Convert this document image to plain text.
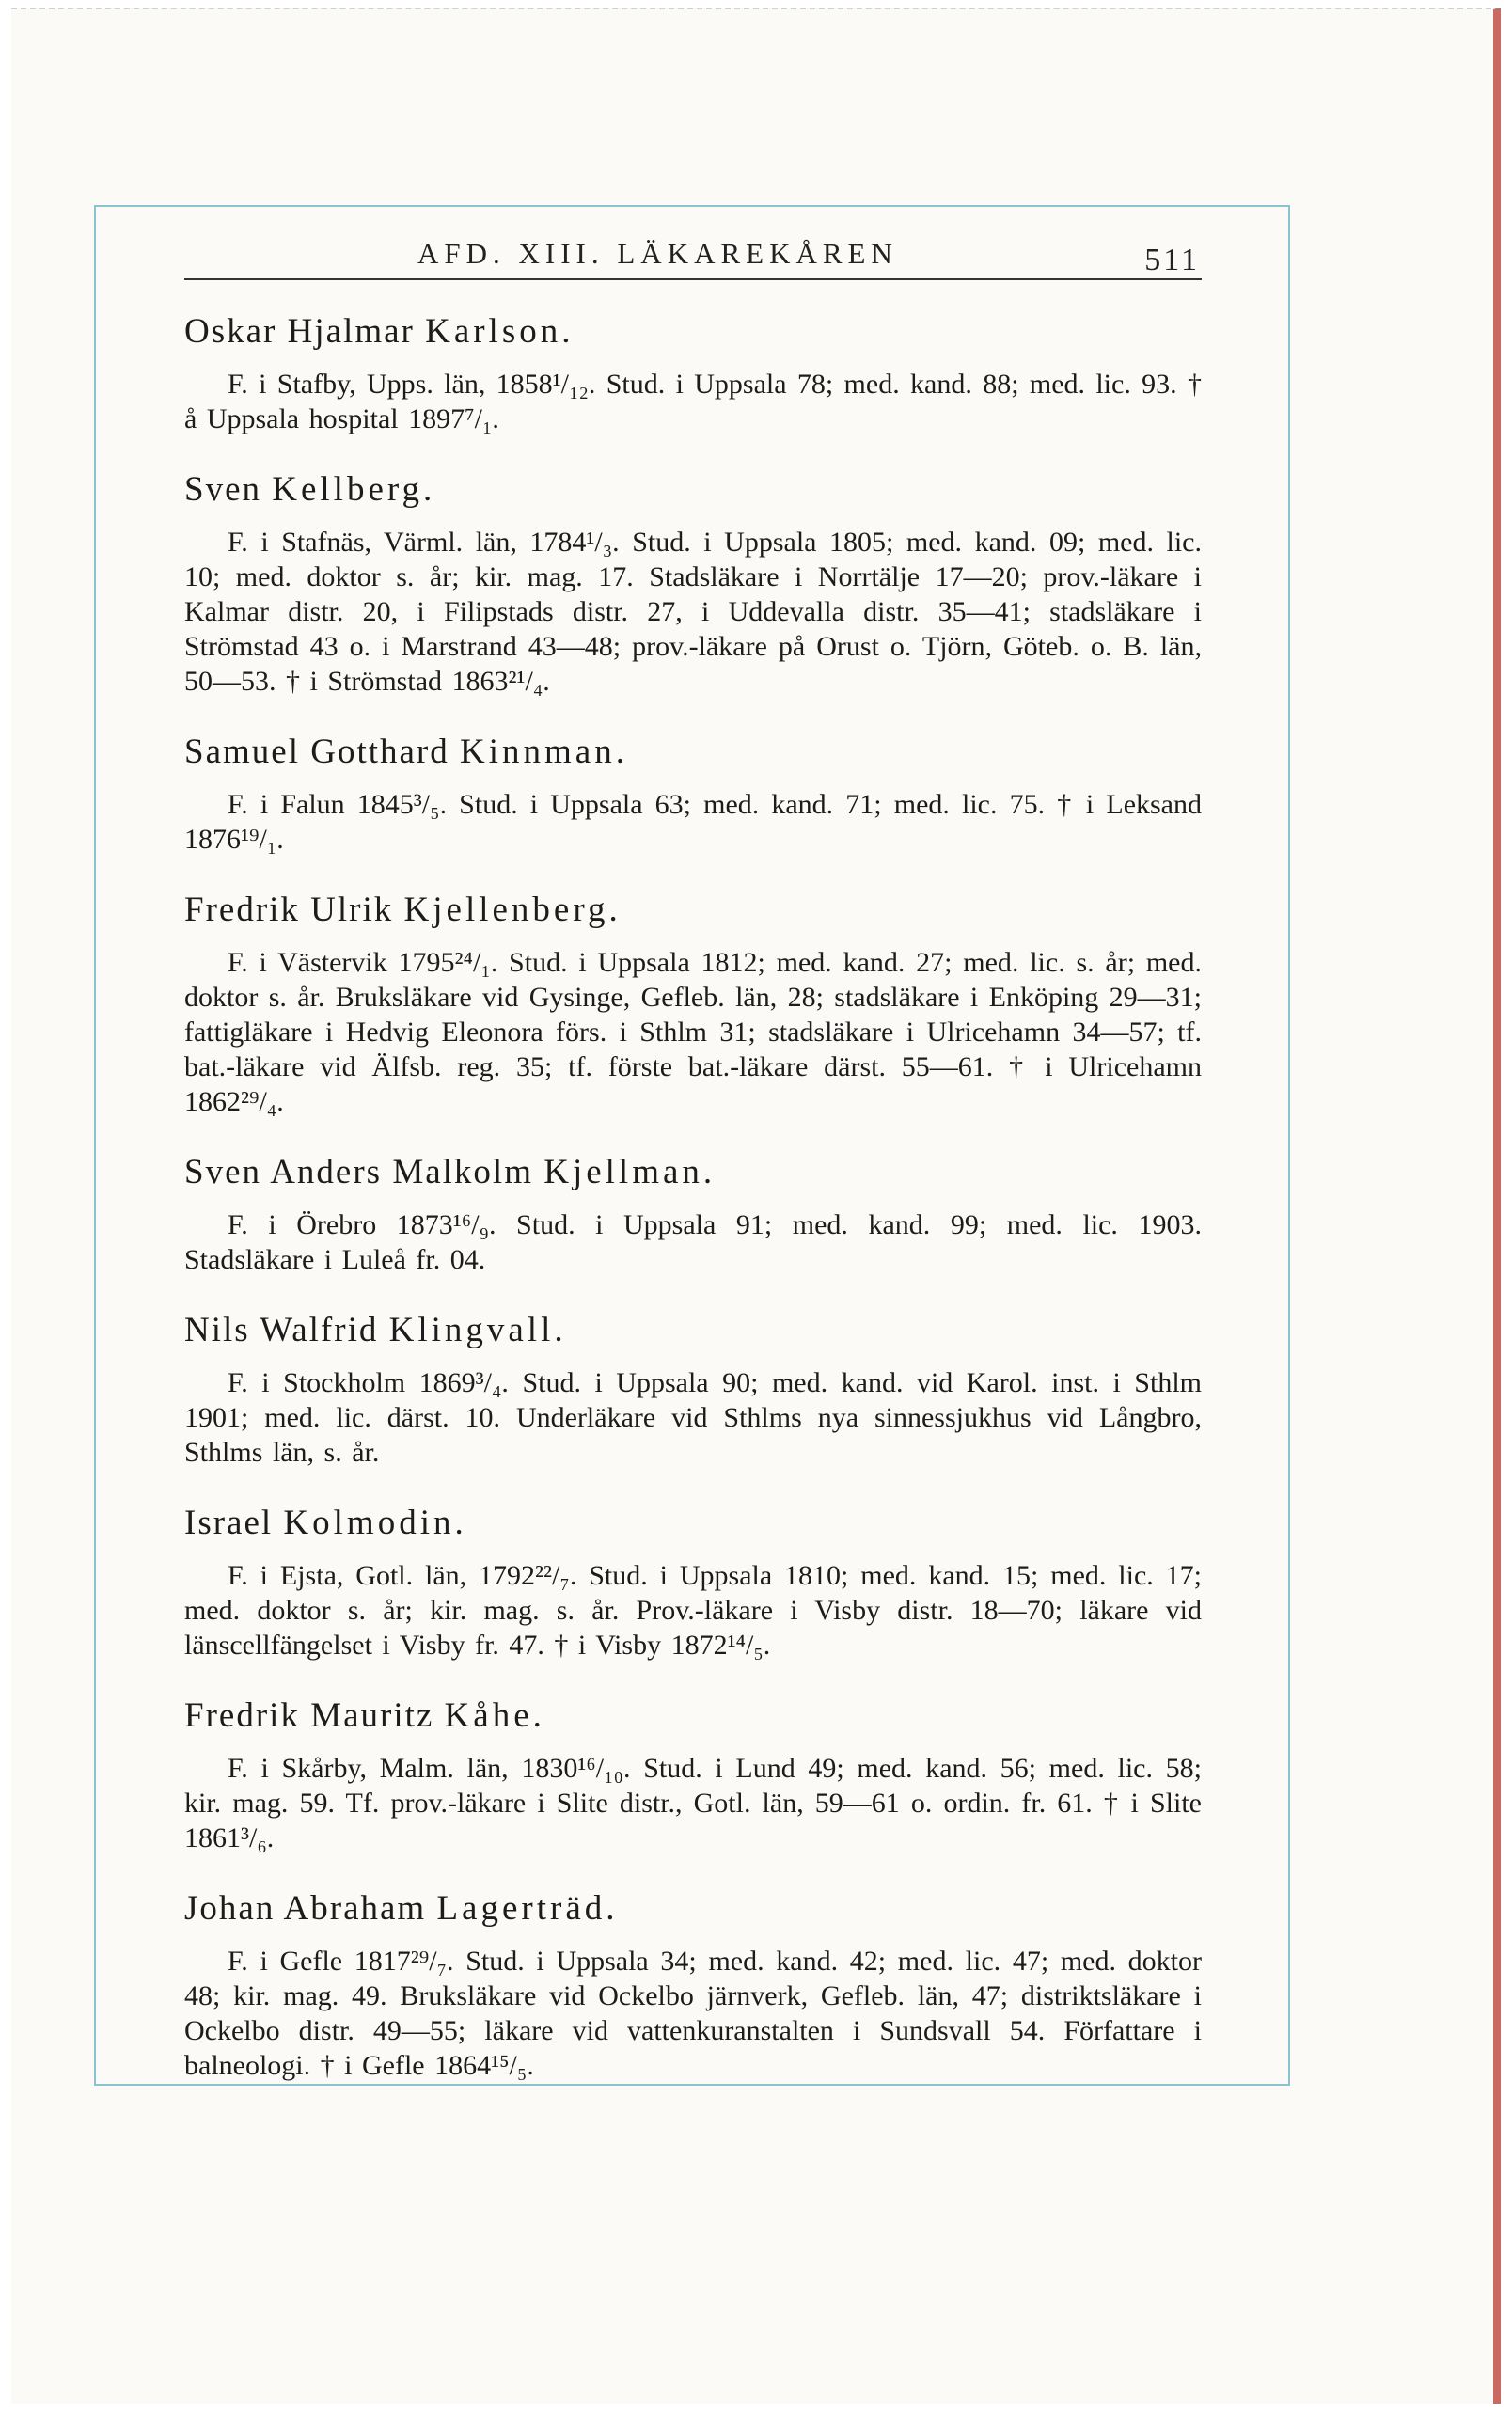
AFD. XIII. LÄKAREKÅREN	511
Oskar Hjalmar Karlson.

F. i Stafby, Upps. län, 1858¹/₁₂. Stud. i Uppsala 78; med. kand. 88; med. lic. 93. † å Uppsala hospital 1897⁷/₁.

Sven Kellberg.

F. i Stafnäs, Värml. län, 1784¹/₃. Stud. i Uppsala 1805; med. kand. 09; med. lic. 10; med. doktor s. år; kir. mag. 17. Stadsläkare i Norrtälje 17—20; prov.-läkare i Kalmar distr. 20, i Filipstads distr. 27, i Uddevalla distr. 35—41; stadsläkare i Strömstad 43 o. i Marstrand 43—48; prov.-läkare på Orust o. Tjörn, Göteb. o. B. län, 50—53. † i Strömstad 1863²¹/₄.

Samuel Gotthard Kinnman.

F. i Falun 1845³/₅. Stud. i Uppsala 63; med. kand. 71; med. lic. 75. † i Leksand 1876¹⁹/₁.

Fredrik Ulrik Kjellenberg.

F. i Västervik 1795²⁴/₁. Stud. i Uppsala 1812; med. kand. 27; med. lic. s. år; med. doktor s. år. Bruksläkare vid Gysinge, Gefleb. län, 28; stadsläkare i Enköping 29—31; fattigläkare i Hedvig Eleonora förs. i Sthlm 31; stadsläkare i Ulricehamn 34—57; tf. bat.-läkare vid Älfsb. reg. 35; tf. förste bat.-läkare därst. 55—61. † i Ulricehamn 1862²⁹/₄.

Sven Anders Malkolm Kjellman.

F. i Örebro 1873¹⁶/₉. Stud. i Uppsala 91; med. kand. 99; med. lic. 1903. Stadsläkare i Luleå fr. 04.

Nils Walfrid Klingvall.

F. i Stockholm 1869³/₄. Stud. i Uppsala 90; med. kand. vid Karol. inst. i Sthlm 1901; med. lic. därst. 10. Underläkare vid Sthlms nya sinnessjukhus vid Långbro, Sthlms län, s. år.

Israel Kolmodin.

F. i Ejsta, Gotl. län, 1792²²/₇. Stud. i Uppsala 1810; med. kand. 15; med. lic. 17; med. doktor s. år; kir. mag. s. år. Prov.-läkare i Visby distr. 18—70; läkare vid länscellfängelset i Visby fr. 47. † i Visby 1872¹⁴/₅.

Fredrik Mauritz Kåhe.

F. i Skårby, Malm. län, 1830¹⁶/₁₀. Stud. i Lund 49; med. kand. 56; med. lic. 58; kir. mag. 59. Tf. prov.-läkare i Slite distr., Gotl. län, 59—61 o. ordin. fr. 61. † i Slite 1861³/₆.

Johan Abraham Lagerträd.

F. i Gefle 1817²⁹/₇. Stud. i Uppsala 34; med. kand. 42; med. lic. 47; med. doktor 48; kir. mag. 49. Bruksläkare vid Ockelbo järnverk, Gefleb. län, 47; distriktsläkare i Ockelbo distr. 49—55; läkare vid vattenkuranstalten i Sundsvall 54. Författare i balneologi. † i Gefle 1864¹⁵/₅.
